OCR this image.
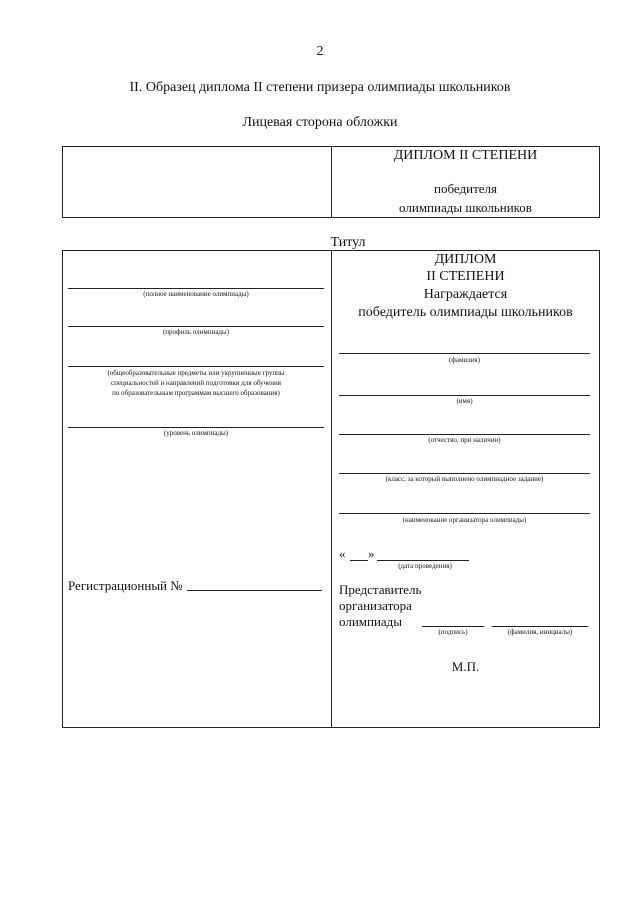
2
II. Образец диплома II степени призера олимпиады школьников
Лицевая сторона обложки
ДИПЛОМ II СТЕПЕНИ
победителя
олимпиады школьников
Титул
(полное наименование олимпиады)
(профиль олимпиады)
(общеобразовательные предметы или укрупненные группы
специальностей и направлений подготовки для обучения
по образовательным программам высшего образования)
(уровень олимпиады)
Регистрационный №
ДИПЛОМ
II СТЕПЕНИ
Награждается
победитель олимпиады школьников
(фамилия)
(имя)
(отчество, при наличии)
(класс, за который выполнено олимпиадное задание)
(наименование организатора олимпиады)
« »
(дата проведения)
Представитель
организатора
олимпиады
(подпись)	(фамилия, инициалы)
М.П.
